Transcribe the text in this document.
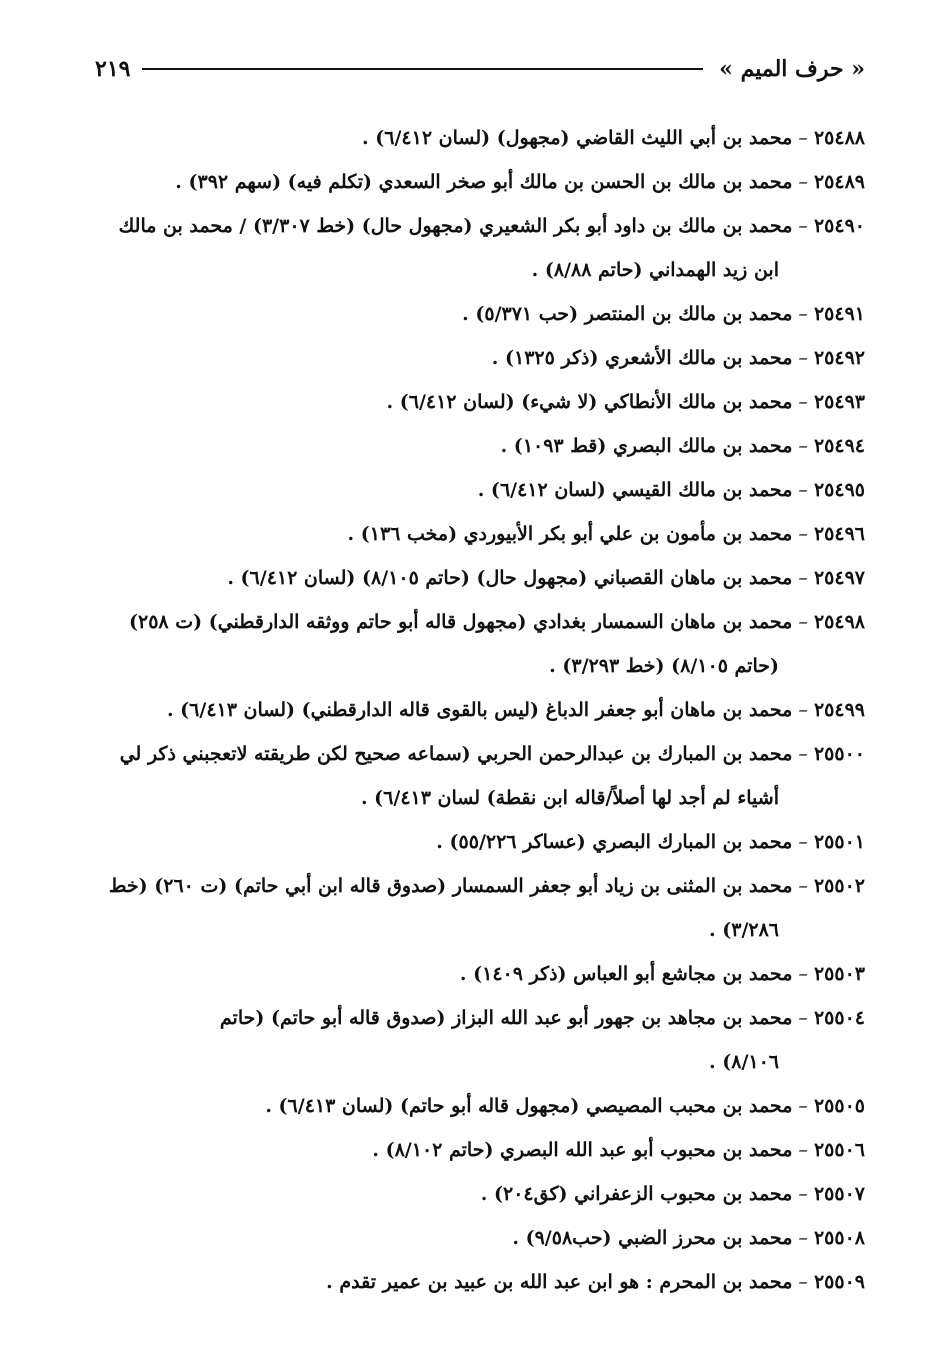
« حرف الميم »
٢١٩
٢٥٤٨٨ – محمد بن أبي الليث القاضي (مجهول) (لسان ٦/٤١٢) .
٢٥٤٨٩ – محمد بن مالك بن الحسن بن مالك أبو صخر السعدي (تكلم فيه) (سهم ٣٩٢) .
٢٥٤٩٠ – محمد بن مالك بن داود أبو بكر الشعيري (مجهول حال) (خط ٣/٣٠٧) / محمد بن مالك
ابن زيد الهمداني (حاتم ٨/٨٨) .
٢٥٤٩١ – محمد بن مالك بن المنتصر (حب ٥/٣٧١) .
٢٥٤٩٢ – محمد بن مالك الأشعري (ذكر ١٣٢٥) .
٢٥٤٩٣ – محمد بن مالك الأنطاكي (لا شيء) (لسان ٦/٤١٢) .
٢٥٤٩٤ – محمد بن مالك البصري (قط ١٠٩٣) .
٢٥٤٩٥ – محمد بن مالك القيسي (لسان ٦/٤١٢) .
٢٥٤٩٦ – محمد بن مأمون بن علي أبو بكر الأبيوردي (مخب ١٣٦) .
٢٥٤٩٧ – محمد بن ماهان القصباني (مجهول حال) (حاتم ٨/١٠٥) (لسان ٦/٤١٢) .
٢٥٤٩٨ – محمد بن ماهان السمسار بغدادي (مجهول قاله أبو حاتم ووثقه الدارقطني) (ت ٢٥٨)
(حاتم ٨/١٠٥) (خط ٣/٢٩٣) .
٢٥٤٩٩ – محمد بن ماهان أبو جعفر الدباغ (ليس بالقوى قاله الدارقطني) (لسان ٦/٤١٣) .
٢٥٥٠٠ – محمد بن المبارك بن عبدالرحمن الحربي (سماعه صحيح لكن طريقته لاتعجبني ذكر لي
أشياء لم أجد لها أصلاً/قاله ابن نقطة) لسان ٦/٤١٣) .
٢٥٥٠١ – محمد بن المبارك البصري (عساكر ٥٥/٢٢٦) .
٢٥٥٠٢ – محمد بن المثنى بن زياد أبو جعفر السمسار (صدوق قاله ابن أبي حاتم) (ت ٢٦٠) (خط
٣/٢٨٦) .
٢٥٥٠٣ – محمد بن مجاشع أبو العباس (ذكر ١٤٠٩) .
٢٥٥٠٤ – محمد بن مجاهد بن جهور أبو عبد الله البزاز (صدوق قاله أبو حاتم) (حاتم
٨/١٠٦) .
٢٥٥٠٥ – محمد بن محبب المصيصي (مجهول قاله أبو حاتم) (لسان ٦/٤١٣) .
٢٥٥٠٦ – محمد بن محبوب أبو عبد الله البصري (حاتم ٨/١٠٢) .
٢٥٥٠٧ – محمد بن محبوب الزعفراني (كق٢٠٤) .
٢٥٥٠٨ – محمد بن محرز الضبي (حب٩/٥٨) .
٢٥٥٠٩ – محمد بن المحرم : هو ابن عبد الله بن عبيد بن عمير تقدم .
